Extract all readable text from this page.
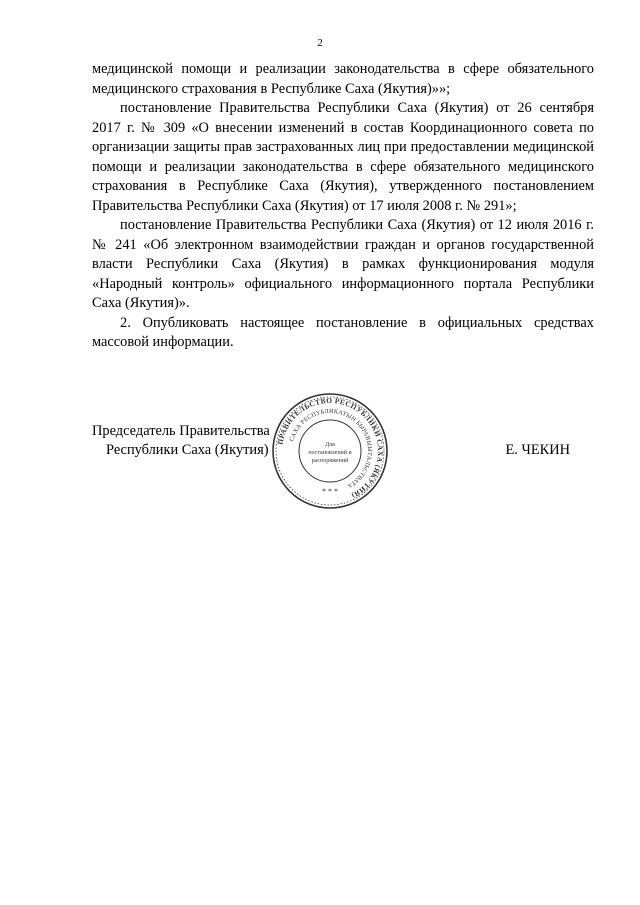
2

медицинской помощи и реализации законодательства в сфере обязательного медицинского страхования в Республике Саха (Якутия)»»;

постановление Правительства Республики Саха (Якутия) от 26 сентября 2017 г. № 309 «О внесении изменений в состав Координационного совета по организации защиты прав застрахованных лиц при предоставлении медицинской помощи и реализации законодательства в сфере обязательного медицинского страхования в Республике Саха (Якутия), утвержденного постановлением Правительства Республики Саха (Якутия) от 17 июля 2008 г. № 291»;

постановление Правительства Республики Саха (Якутия) от 12 июля 2016 г. № 241 «Об электронном взаимодействии граждан и органов государственной власти Республики Саха (Якутия) в рамках функционирования модуля «Народный контроль» официального информационного портала Республики Саха (Якутия)».

2. Опубликовать настоящее постановление в официальных средствах массовой информации.

Председатель Правительства
Республики Саха (Якутия)	Е. ЧЕКИН
ПРАВИТЕЛЬСТВО РЕСПУБЛИКИ САХА (ЯКУТИЯ)
САХА РЕСПУБЛИКАТЫН БЫРАВЫЫТАЛЬСТВАТА
Для
постановлений и
распоряжений
* * *
